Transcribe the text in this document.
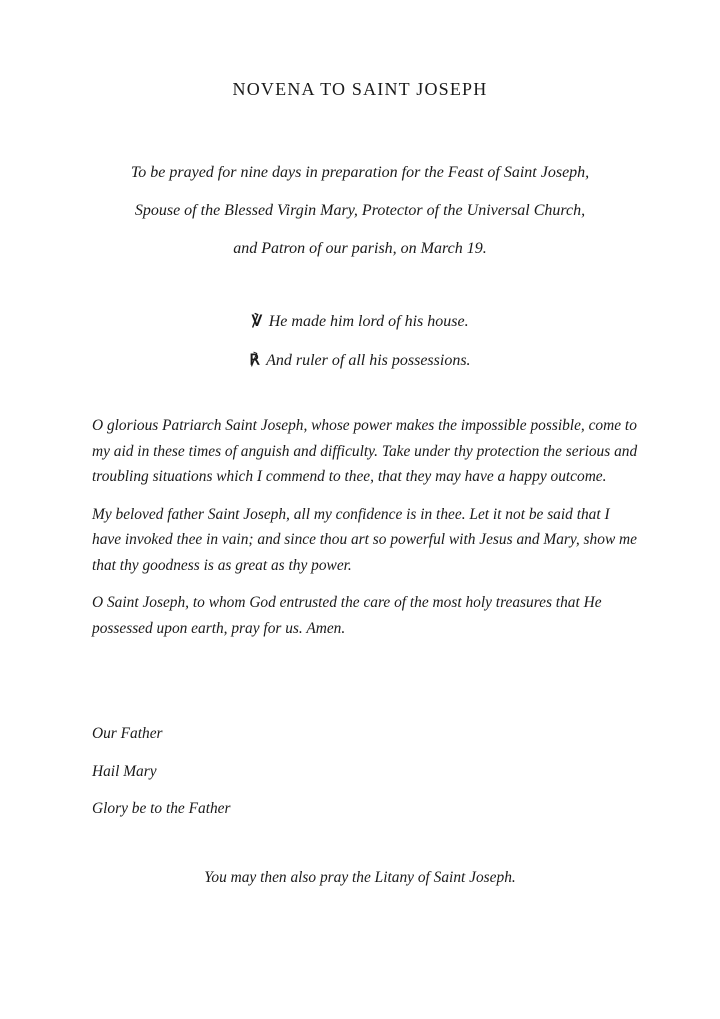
NOVENA TO SAINT JOSEPH
To be prayed for nine days in preparation for the Feast of Saint Joseph,
Spouse of the Blessed Virgin Mary, Protector of the Universal Church,
and Patron of our parish, on March 19.
℣ He made him lord of his house.
℟ And ruler of all his possessions.

O glorious Patriarch Saint Joseph, whose power makes the impossible possible, come to my aid in these times of anguish and difficulty. Take under thy protection the serious and troubling situations which I commend to thee, that they may have a happy outcome.

My beloved father Saint Joseph, all my confidence is in thee. Let it not be said that I have invoked thee in vain; and since thou art so powerful with Jesus and Mary, show me that thy goodness is as great as thy power.

O Saint Joseph, to whom God entrusted the care of the most holy treasures that He possessed upon earth, pray for us. Amen.

Our Father
Hail Mary
Glory be to the Father
You may then also pray the Litany of Saint Joseph.
